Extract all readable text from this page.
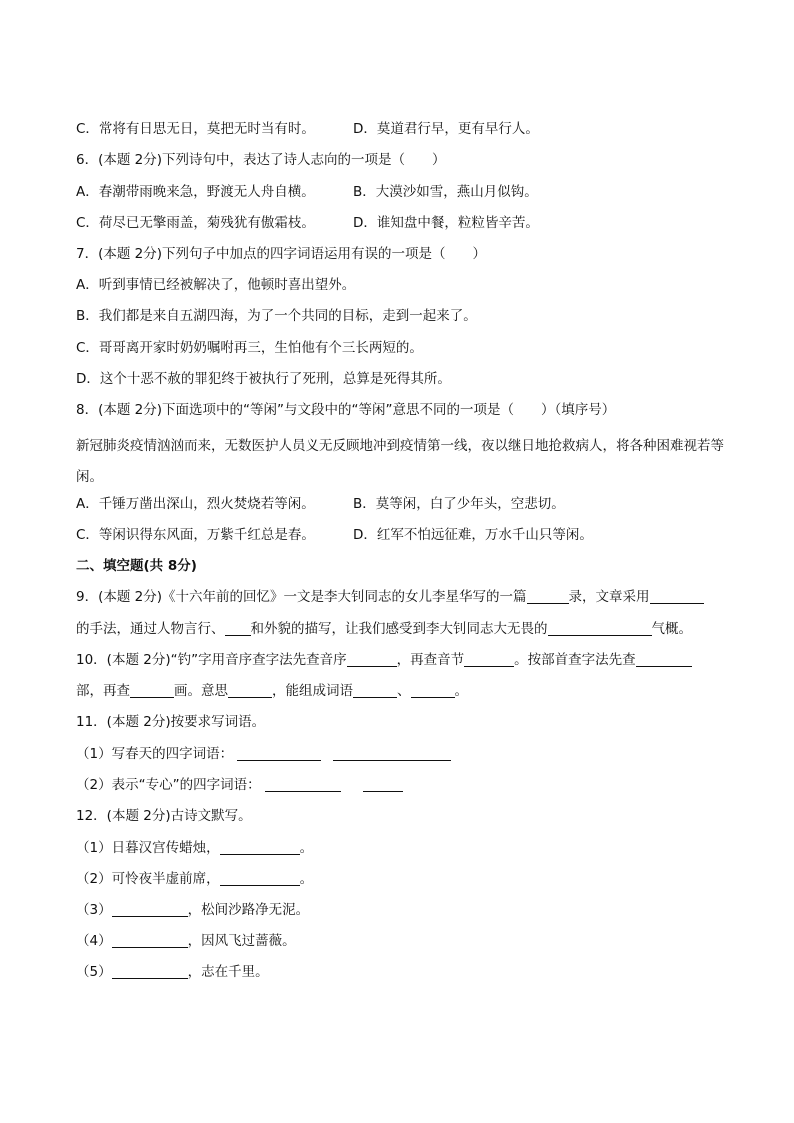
C．常将有日思无日，莫把无时当有时。	D．莫道君行早，更有早行人。
6．(本题 2分)下列诗句中，表达了诗人志向的一项是（　　）
A．春潮带雨晚来急，野渡无人舟自横。	B．大漠沙如雪，燕山月似钩。
C．荷尽已无擎雨盖，菊残犹有傲霜枝。	D．谁知盘中餐，粒粒皆辛苦。
7．(本题 2分)下列句子中加点的四字词语运用有误的一项是（　　）
A．听到事情已经被解决了，他顿时喜出望外。
B．我们都是来自五湖四海，为了一个共同的目标，走到一起来了。
C．哥哥离开家时奶奶嘱咐再三，生怕他有个三长两短的。
D．这个十恶不赦的罪犯终于被执行了死刑，总算是死得其所。
8．(本题 2分)下面选项中的“等闲”与文段中的“等闲”意思不同的一项是（　　）（填序号）
新冠肺炎疫情汹汹而来，无数医护人员义无反顾地冲到疫情第一线，夜以继日地抢救病人，将各种困难视若等闲。
A．千锤万凿出深山，烈火焚烧若等闲。	B．莫等闲，白了少年头，空悲切。
C．等闲识得东风面，万紫千红总是春。	D．红军不怕远征难，万水千山只等闲。
二、填空题(共 8分)
9．(本题 2分)《十六年前的回忆》一文是李大钊同志的女儿李星华写的一篇	录，文章采用
的手法，通过人物言行、 和外貌的描写，让我们感受到李大钊同志大无畏的	气概。
10．(本题 2分)“钓”字用音序查字法先查音序	，再查音节	。按部首查字法先查
部，再查	画。意思	，能组成词语	、	。
11．(本题 2分)按要求写词语。
（1）写春天的四字词语：
（2）表示“专心”的四字词语：
12．(本题 2分)古诗文默写。
（1）日暮汉宫传蜡烛，	。
（2）可怜夜半虚前席，	。
（3）	，松间沙路净无泥。
（4）	，因风飞过蔷薇。
（5）	，志在千里。
